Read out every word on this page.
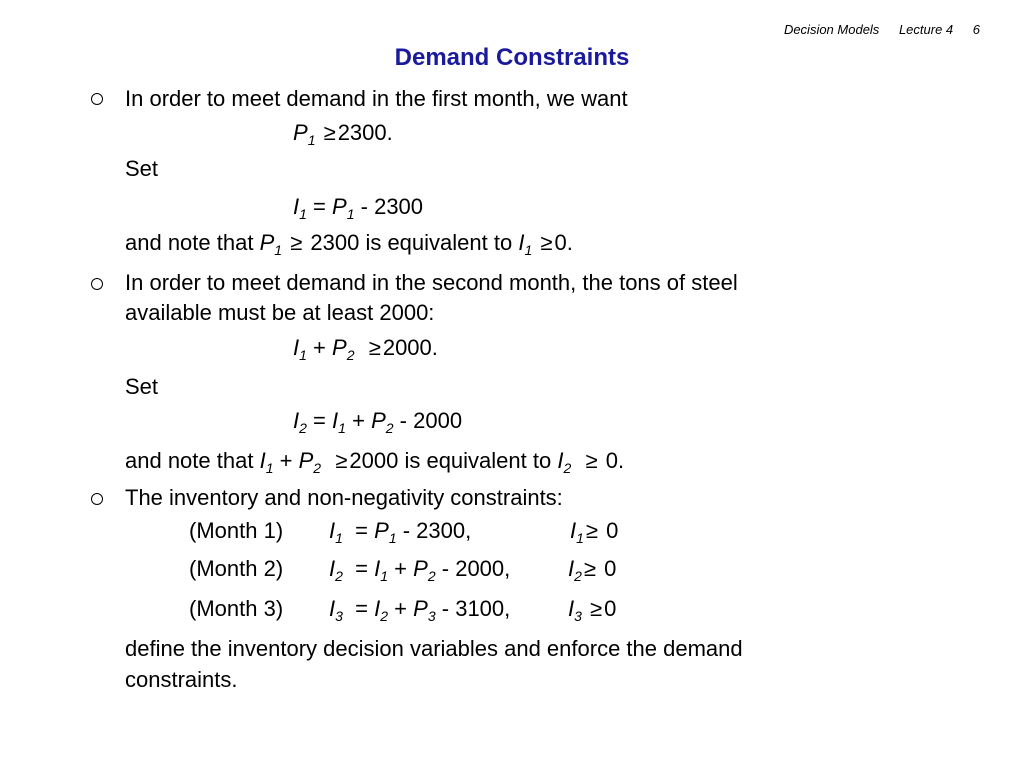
Decision Models Lecture 4 6
Demand Constraints
In order to meet demand in the first month, we want
$P_1 \ge 2300$.
Set
$I_1 = P_1 - 2300$
and note that $P_1 \ge 2300$ is equivalent to $I_1 \ge 0$.
In order to meet demand in the second month, the tons of steel
available must be at least 2000:
$I_1 + P_2 \ge 2000$.
Set
$I_2 = I_1 + P_2 - 2000$
and note that $I_1 + P_2 \ge 2000$ is equivalent to $I_2 \ge 0$.
The inventory and non-negativity constraints:
(Month 1) $I_1 = P_1 - 2300$,	$I_1\ge 0$
(Month 2) $I_2 = I_1 + P_2 - 2000$,	$I_2\ge 0$
(Month 3) $I_3 = I_2 + P_3 - 3100$,	$I_3 \ge 0$
define the inventory decision variables and enforce the demand
constraints.
